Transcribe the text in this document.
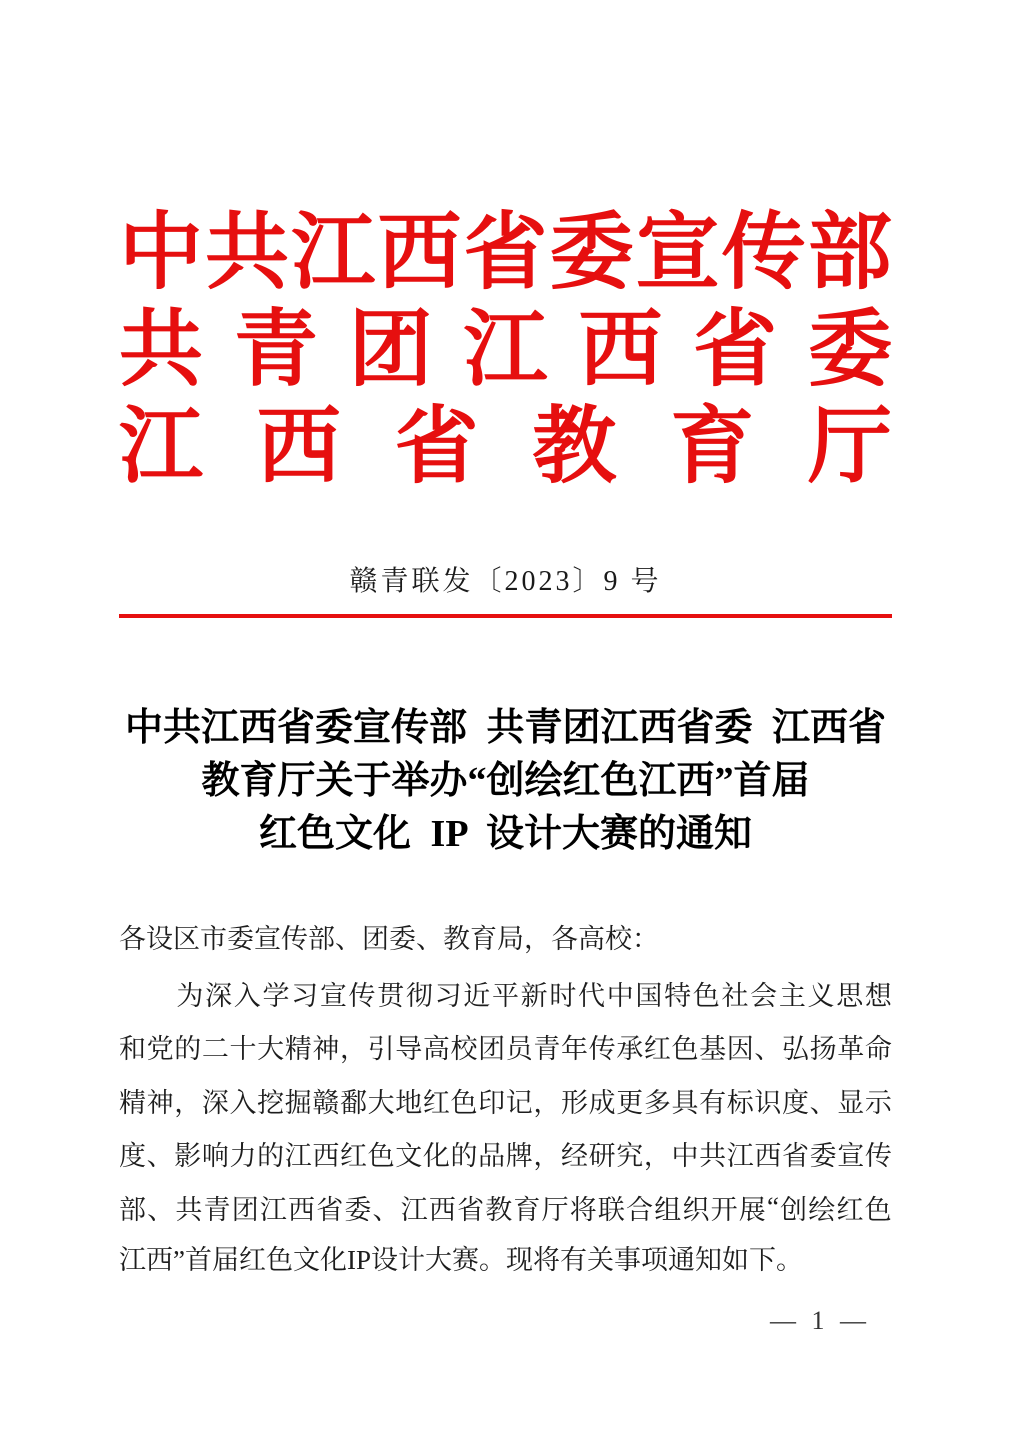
中 共 江 西 省 委 宣 传 部
共 青 团 江 西 省 委
江 西 省 教 育 厅
赣青联发〔2023〕9 号
中共江西省委宣传部 共青团江西省委 江西省
教育厅关于举办“创绘红色江西”首届
红色文化 IP 设计大赛的通知
各设区市委宣传部、团委、教育局，各高校：

为 深 入 学 习 宣 传 贯 彻 习 近 平 新 时 代 中 国 特 色 社 会 主 义 思 想
和 党 的 二 十 大 精 神 ， 引 导 高 校 团 员 青 年 传 承 红 色 基 因 、 弘 扬 革 命
精 神 ， 深 入 挖 掘 赣 鄱 大 地 红 色 印 记 ， 形 成 更 多 具 有 标 识 度 、 显 示
度 、 影 响 力 的 江 西 红 色 文 化 的 品 牌 ， 经 研 究 ， 中 共 江 西 省 委 宣 传
部 、 共 青 团 江 西 省 委 、 江 西 省 教 育 厅 将 联 合 组 织 开 展 “ 创 绘 红 色
江西”首届红色文化IP设计大赛。现将有关事项通知如下。
— 1 —
